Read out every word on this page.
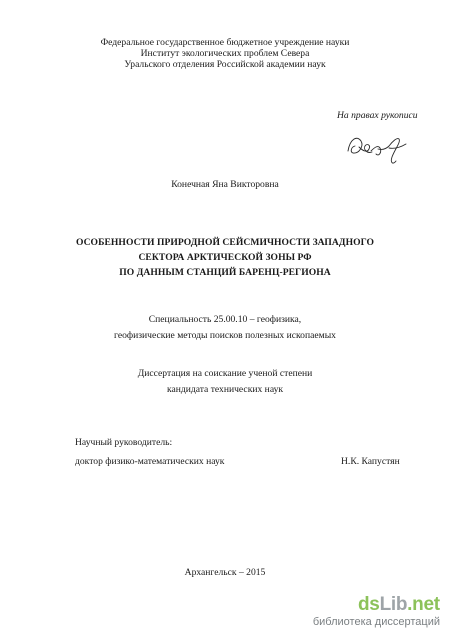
Федеральное государственное бюджетное учреждение науки
Институт экологических проблем Севера
Уральского отделения Российской академии наук
На правах рукописи
Конечная Яна Викторовна
ОСОБЕННОСТИ ПРИРОДНОЙ СЕЙСМИЧНОСТИ ЗАПАДНОГО
СЕКТОРА АРКТИЧЕСКОЙ ЗОНЫ РФ
ПО ДАННЫМ СТАНЦИЙ БАРЕНЦ-РЕГИОНА
Специальность 25.00.10 – геофизика,
геофизические методы поисков полезных ископаемых
Диссертация на соискание ученой степени
кандидата технических наук
Научный руководитель:
доктор физико-математических наук	Н.К. Капустян
Архангельск – 2015
dsLib.net
библиотека диссертаций
